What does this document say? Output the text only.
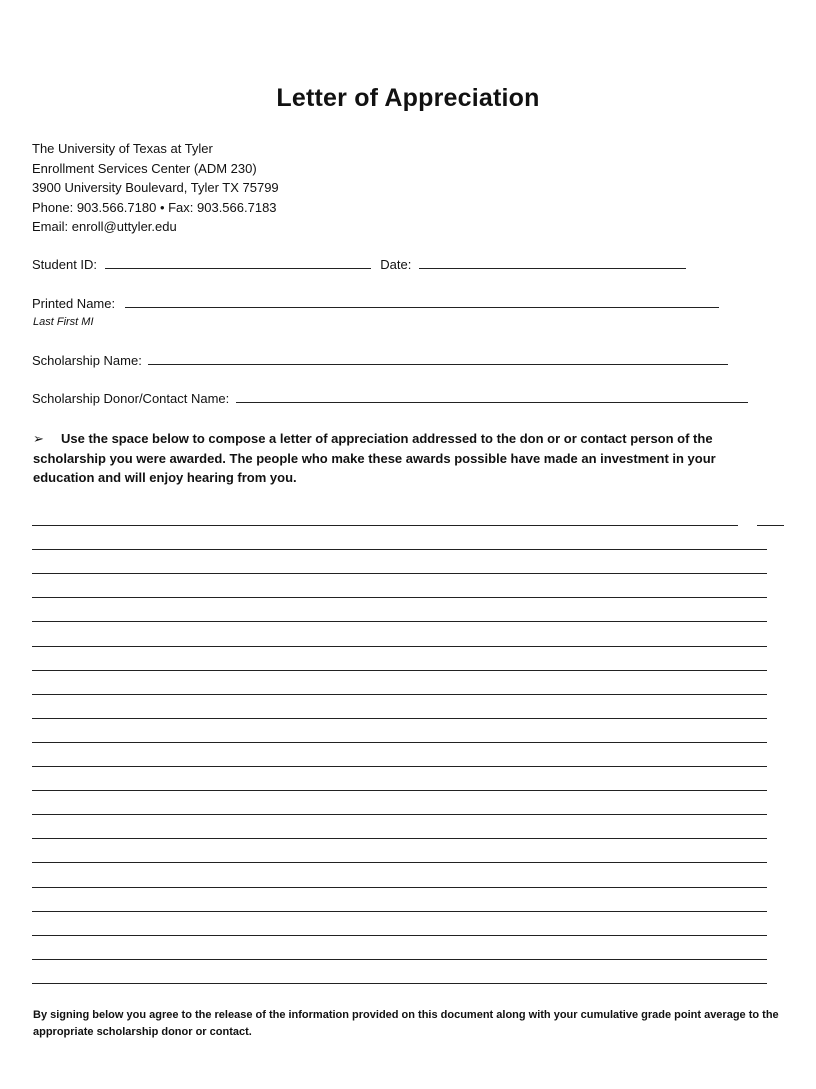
Letter of Appreciation
The University of Texas at Tyler
Enrollment Services Center (ADM 230)
3900 University Boulevard, Tyler TX 75799
Phone: 903.566.7180 • Fax: 903.566.7183
Email: enroll@uttyler.edu
Student ID:	Date:
Printed Name:
Last First MI
Scholarship Name:
Scholarship Donor/Contact Name:
➢ Use the space below to compose a letter of appreciation addressed to the don or or contact person of the scholarship you were awarded. The people who make these awards possible have made an investment in your education and will enjoy hearing from you.
By signing below you agree to the release of the information provided on this document along with your cumulative grade point average to the appropriate scholarship donor or contact.
